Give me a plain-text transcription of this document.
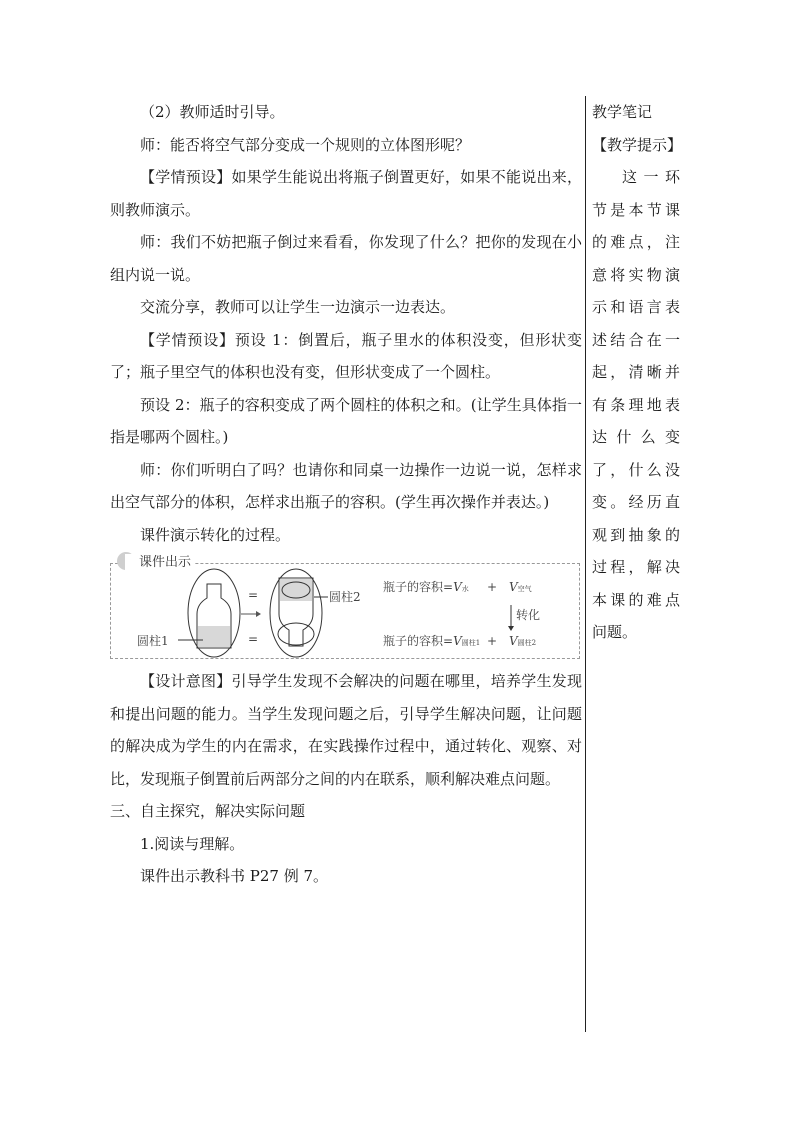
（2）教师适时引导。

师：能否将空气部分变成一个规则的立体图形呢？

【学情预设】如果学生能说出将瓶子倒置更好，如果不能说出来，则教师演示。

师：我们不妨把瓶子倒过来看看，你发现了什么？把你的发现在小组内说一说。

交流分享，教师可以让学生一边演示一边表达。

【学情预设】预设 1：倒置后，瓶子里水的体积没变，但形状变了；瓶子里空气的体积也没有变，但形状变成了一个圆柱。

预设 2：瓶子的容积变成了两个圆柱的体积之和。(让学生具体指一指是哪两个圆柱。)

师：你们听明白了吗？也请你和同桌一边操作一边说一说，怎样求出空气部分的体积，怎样求出瓶子的容积。(学生再次操作并表达。)

课件演示转化的过程。

课件出示
=
=
圆柱2
圆柱1
瓶子的容积=V水 + V空气
转化
瓶子的容积=V圆柱1 + V圆柱2

【设计意图】引导学生发现不会解决的问题在哪里，培养学生发现和提出问题的能力。当学生发现问题之后，引导学生解决问题，让问题的解决成为学生的内在需求，在实践操作过程中，通过转化、观察、对比，发现瓶子倒置前后两部分之间的内在联系，顺利解决难点问题。

三、自主探究，解决实际问题

1.阅读与理解。

课件出示教科书 P27 例 7。

教学笔记
【教学提示】
这一环节是本节课的难点，注意将实物演示和语言表述结合在一起，清晰并有条理地表达什么变了，什么没变。经历直观到抽象的过程，解决本课的难点问题。
